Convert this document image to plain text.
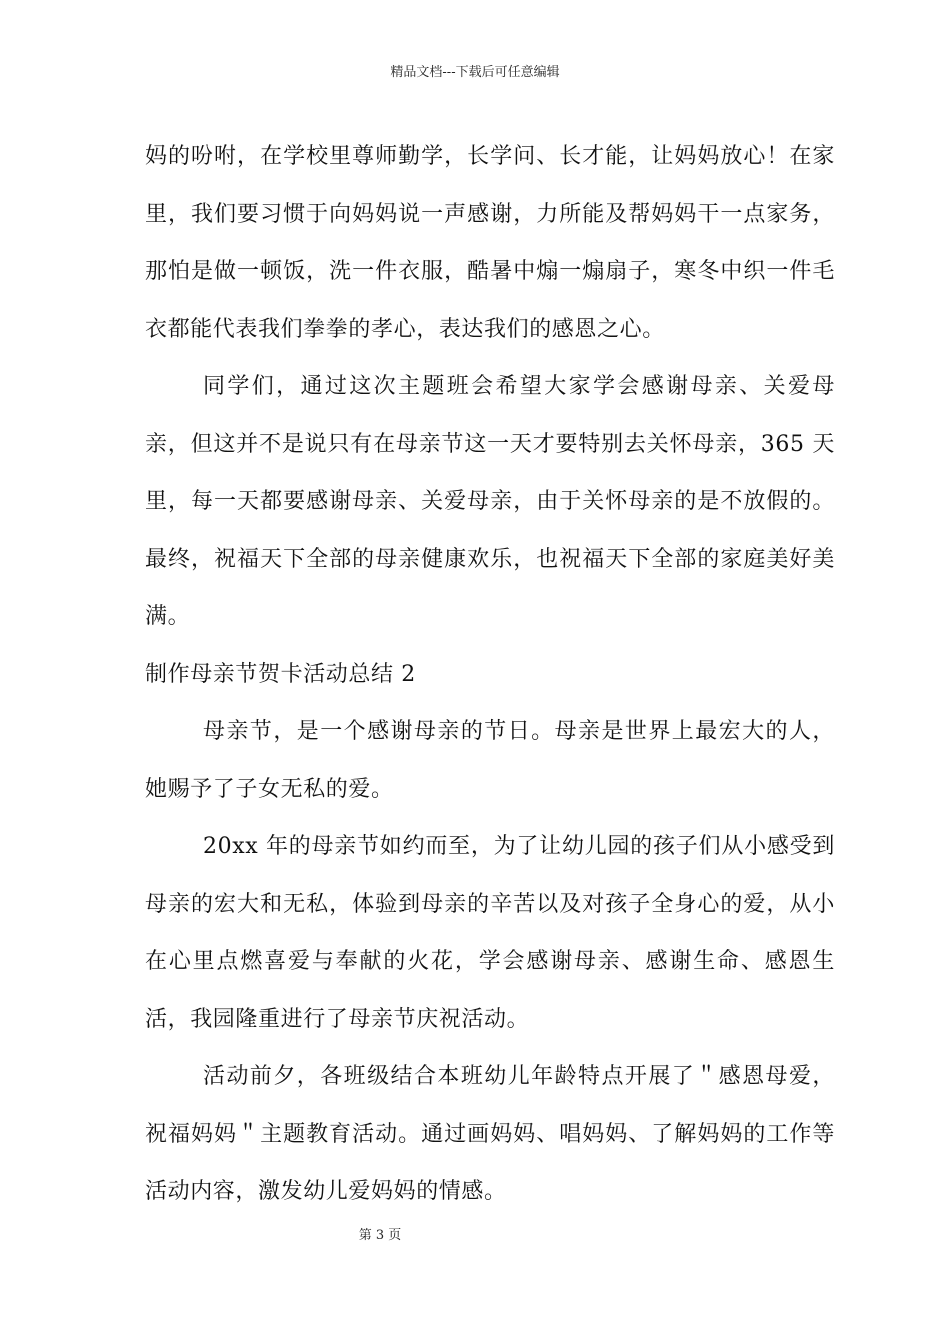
精品文档---下载后可任意编辑

妈的吩咐，在学校里尊师勤学，长学问、长才能，让妈妈放心！在家里，我们要习惯于向妈妈说一声感谢，力所能及帮妈妈干一点家务，那怕是做一顿饭，洗一件衣服，酷暑中煽一煽扇子，寒冬中织一件毛衣都能代表我们拳拳的孝心，表达我们的感恩之心。

同学们，通过这次主题班会希望大家学会感谢母亲、关爱母亲，但这并不是说只有在母亲节这一天才要特别去关怀母亲，365 天里，每一天都要感谢母亲、关爱母亲，由于关怀母亲的是不放假的。最终，祝福天下全部的母亲健康欢乐，也祝福天下全部的家庭美好美满。

制作母亲节贺卡活动总结 2

母亲节，是一个感谢母亲的节日。母亲是世界上最宏大的人，她赐予了子女无私的爱。

20xx 年的母亲节如约而至，为了让幼儿园的孩子们从小感受到母亲的宏大和无私，体验到母亲的辛苦以及对孩子全身心的爱，从小在心里点燃喜爱与奉献的火花，学会感谢母亲、感谢生命、感恩生活，我园隆重进行了母亲节庆祝活动。

活动前夕，各班级结合本班幼儿年龄特点开展了＂感恩母爱，祝福妈妈＂主题教育活动。通过画妈妈、唱妈妈、了解妈妈的工作等活动内容，激发幼儿爱妈妈的情感。

第 3 页
